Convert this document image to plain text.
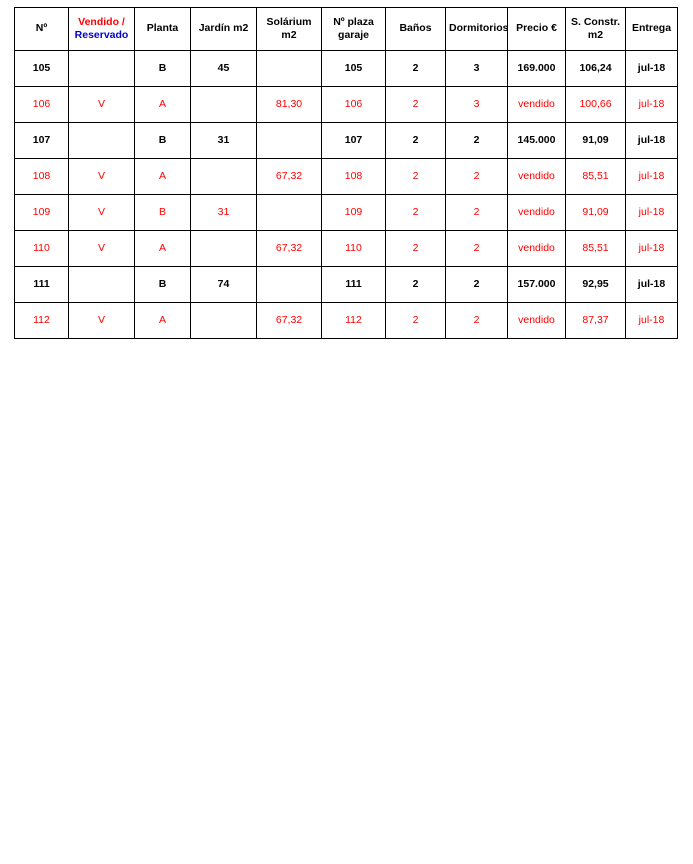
Nº	Vendido /
Reservado	Planta	Jardín m2	Solárium m2	Nº plaza garaje	Baños	Dormitorios	Precio €	S. Constr. m2	Entrega
105		B	45		105	2	3	169.000	106,24	jul-18
106	V	A		81,30	106	2	3	vendido	100,66	jul-18
107		B	31		107	2	2	145.000	91,09	jul-18
108	V	A		67,32	108	2	2	vendido	85,51	jul-18
109	V	B	31		109	2	2	vendido	91,09	jul-18
110	V	A		67,32	110	2	2	vendido	85,51	jul-18
111		B	74		111	2	2	157.000	92,95	jul-18
112	V	A		67,32	112	2	2	vendido	87,37	jul-18
